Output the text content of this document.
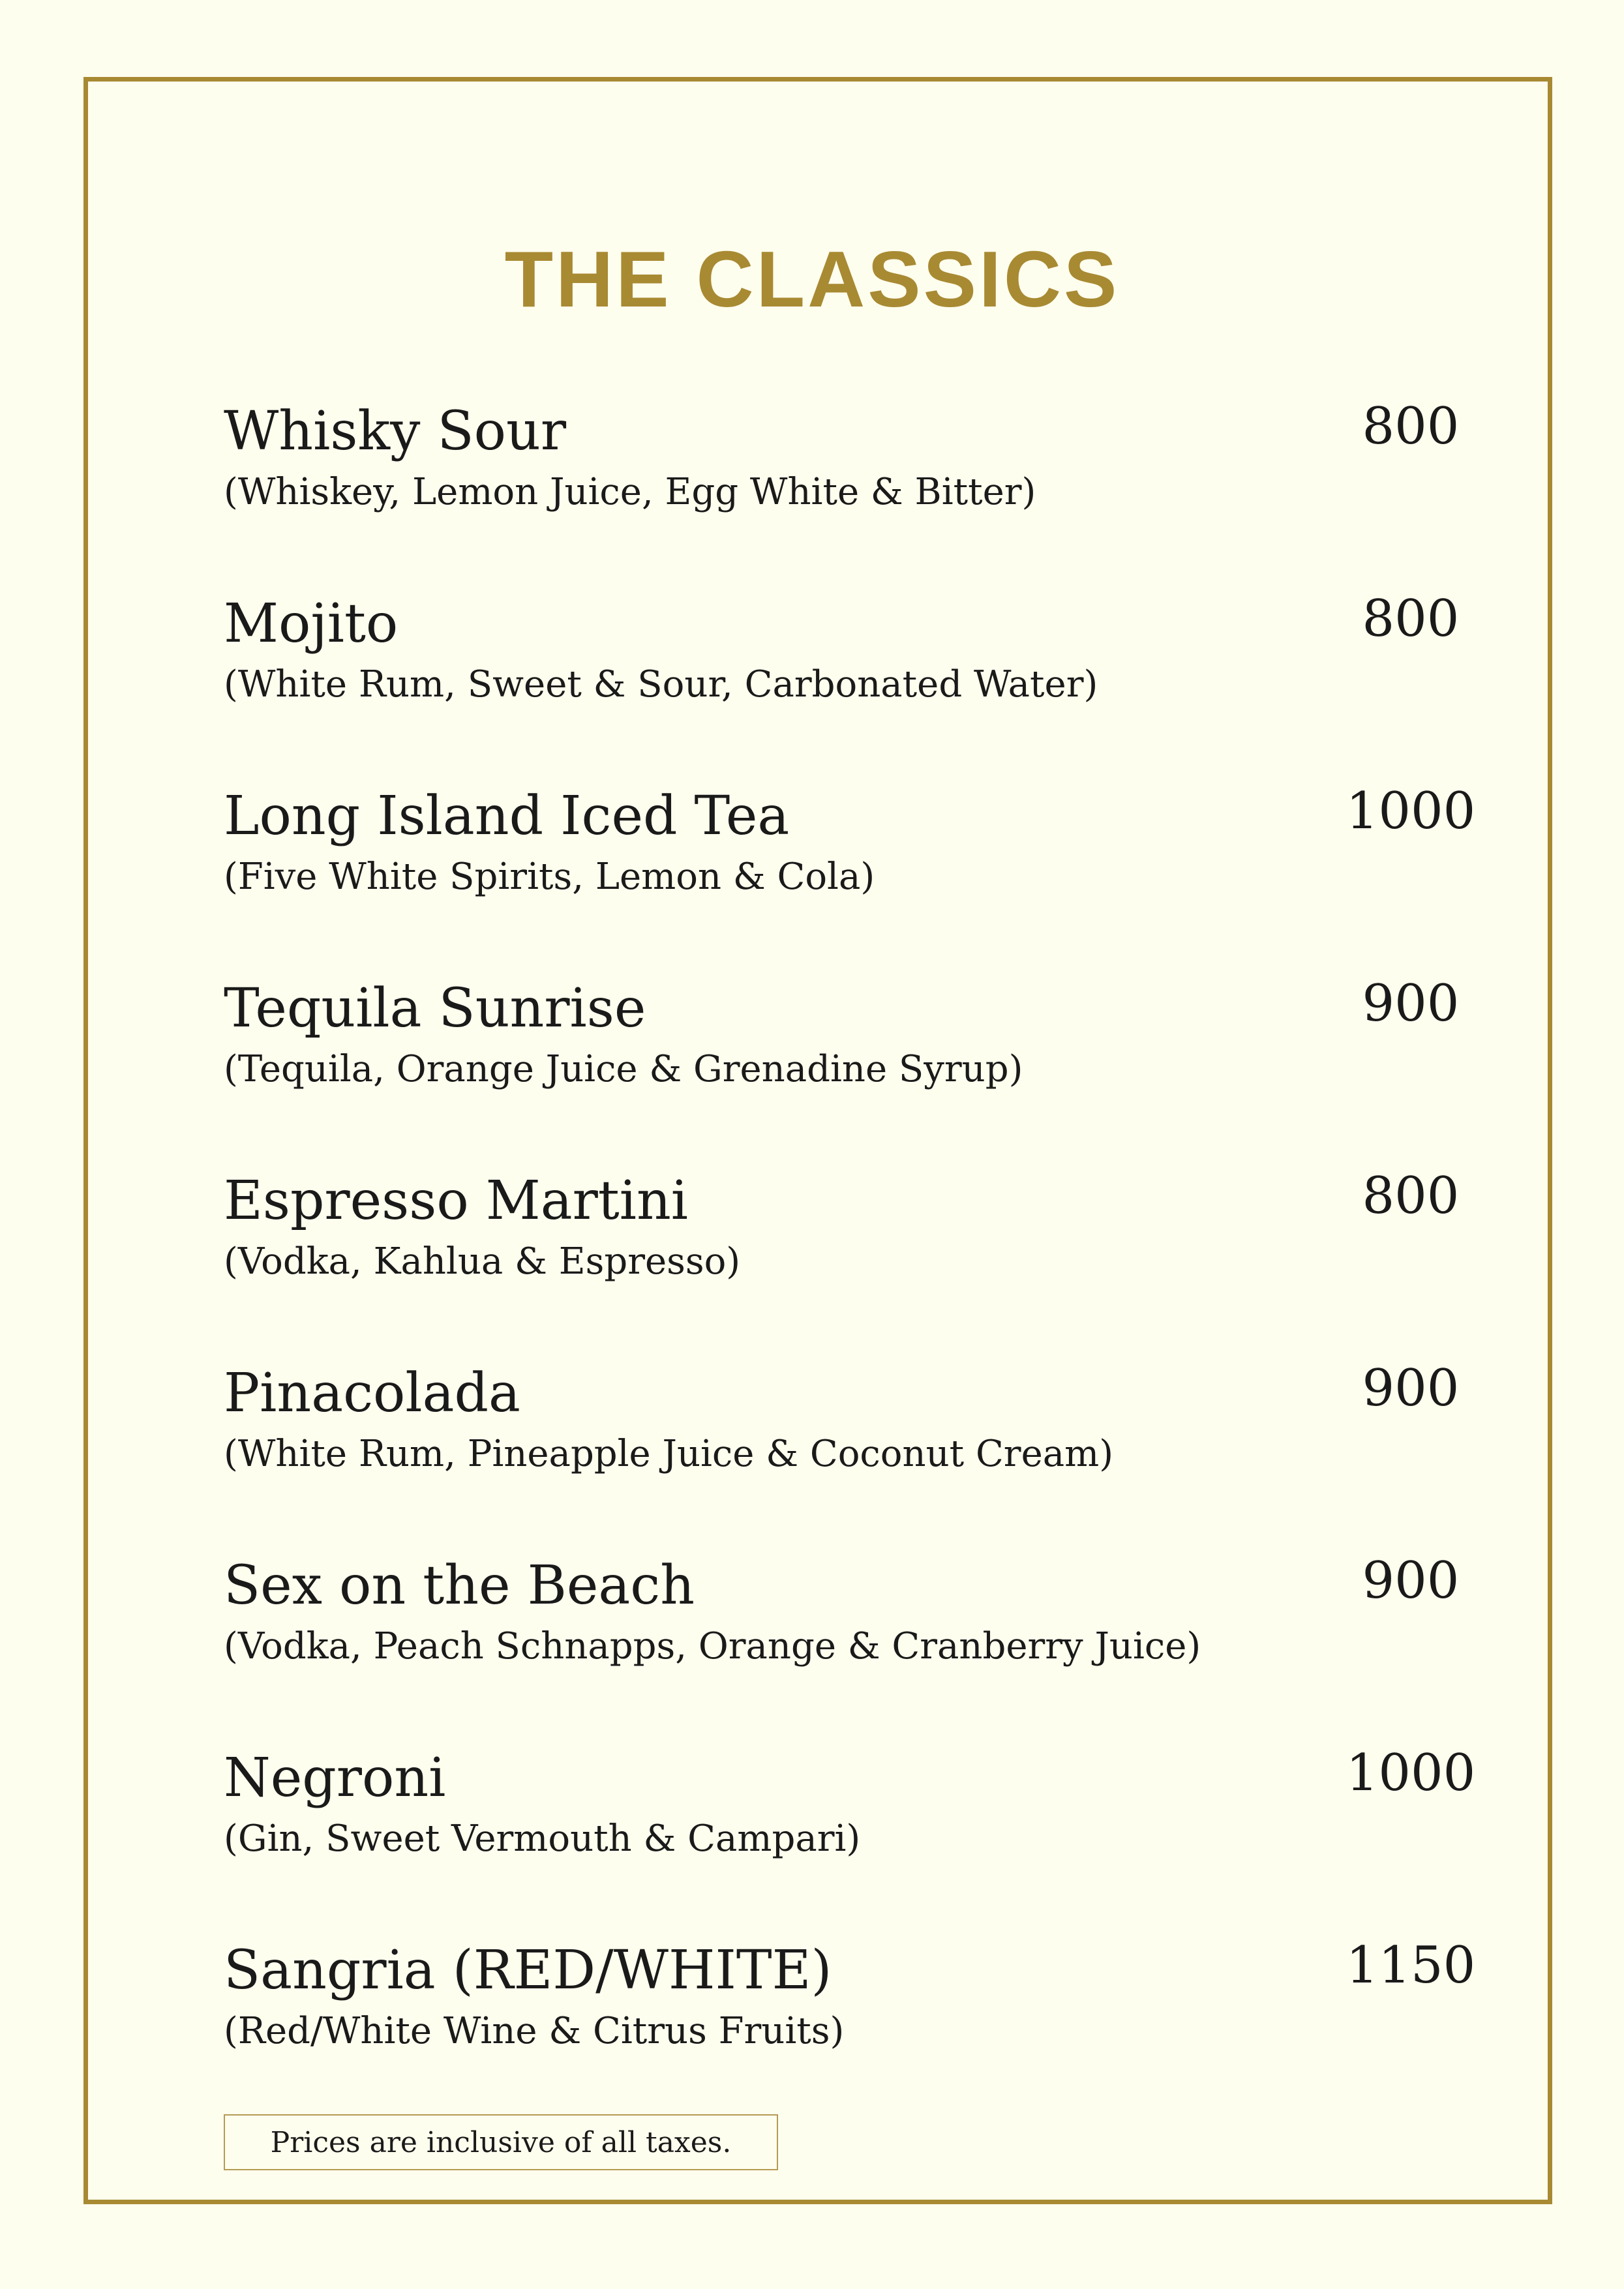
THE CLASSICS
Whisky Sour
(Whiskey, Lemon Juice, Egg White & Bitter)
800
Mojito
(White Rum, Sweet & Sour, Carbonated Water)
800
Long Island Iced Tea
(Five White Spirits, Lemon & Cola)
1000
Tequila Sunrise
(Tequila, Orange Juice & Grenadine Syrup)
900
Espresso Martini
(Vodka, Kahlua & Espresso)
800
Pinacolada
(White Rum, Pineapple Juice & Coconut Cream)
900
Sex on the Beach
(Vodka, Peach Schnapps, Orange & Cranberry Juice)
900
Negroni
(Gin, Sweet Vermouth & Campari)
1000
Sangria (RED/WHITE)
(Red/White Wine & Citrus Fruits)
1150
Prices are inclusive of all taxes.
